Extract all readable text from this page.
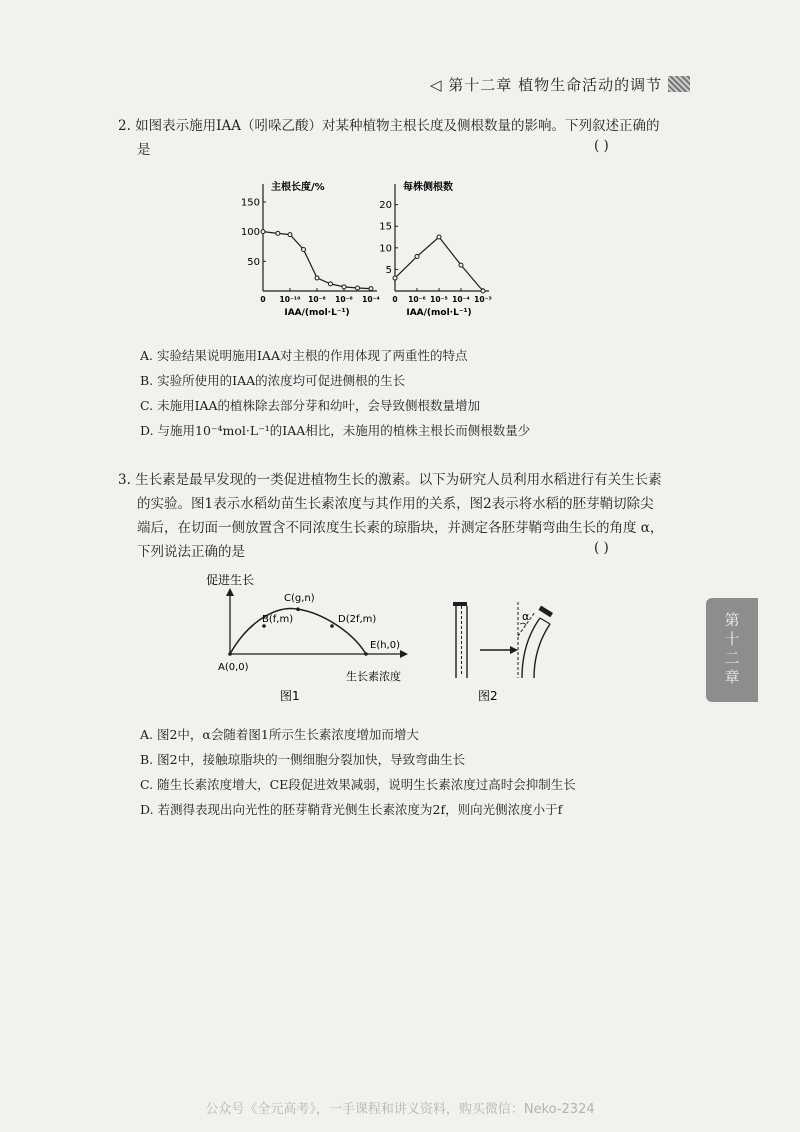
◁ 第十二章 植物生命活动的调节
2. 如图表示施用IAA（吲哚乙酸）对某种植物主根长度及侧根数量的影响。下列叙述正确的
是	( )
主根长度/%
50
100
150
0 10⁻¹⁰ 10⁻⁸ 10⁻⁶ 10⁻⁴
IAA/(mol·L⁻¹)
每株侧根数
5
10
15
20
0 10⁻⁶ 10⁻⁵ 10⁻⁴ 10⁻³
IAA/(mol·L⁻¹)
A. 实验结果说明施用IAA对主根的作用体现了两重性的特点
B. 实验所使用的IAA的浓度均可促进侧根的生长
C. 未施用IAA的植株除去部分芽和幼叶，会导致侧根数量增加
D. 与施用10⁻⁴mol·L⁻¹的IAA相比，未施用的植株主根长而侧根数量少
3. 生长素是最早发现的一类促进植物生长的激素。以下为研究人员利用水稻进行有关生长素
的实验。图1表示水稻幼苗生长素浓度与其作用的关系，图2表示将水稻的胚芽鞘切除尖
端后，在切面一侧放置含不同浓度生长素的琼脂块，并测定各胚芽鞘弯曲生长的角度 α，
下列说法正确的是	( )
促进生长
生长素浓度
图1
A(0,0)
B(f,m)
C(g,n)
D(2f,m)
E(h,0)
α
图2
A. 图2中，α会随着图1所示生长素浓度增加而增大
B. 图2中，接触琼脂块的一侧细胞分裂加快，导致弯曲生长
C. 随生长素浓度增大，CE段促进效果减弱，说明生长素浓度过高时会抑制生长
D. 若测得表现出向光性的胚芽鞘背光侧生长素浓度为2f，则向光侧浓度小于f
第十二章
公众号《全元高考》，一手课程和讲义资料，购买微信：Neko-2324
